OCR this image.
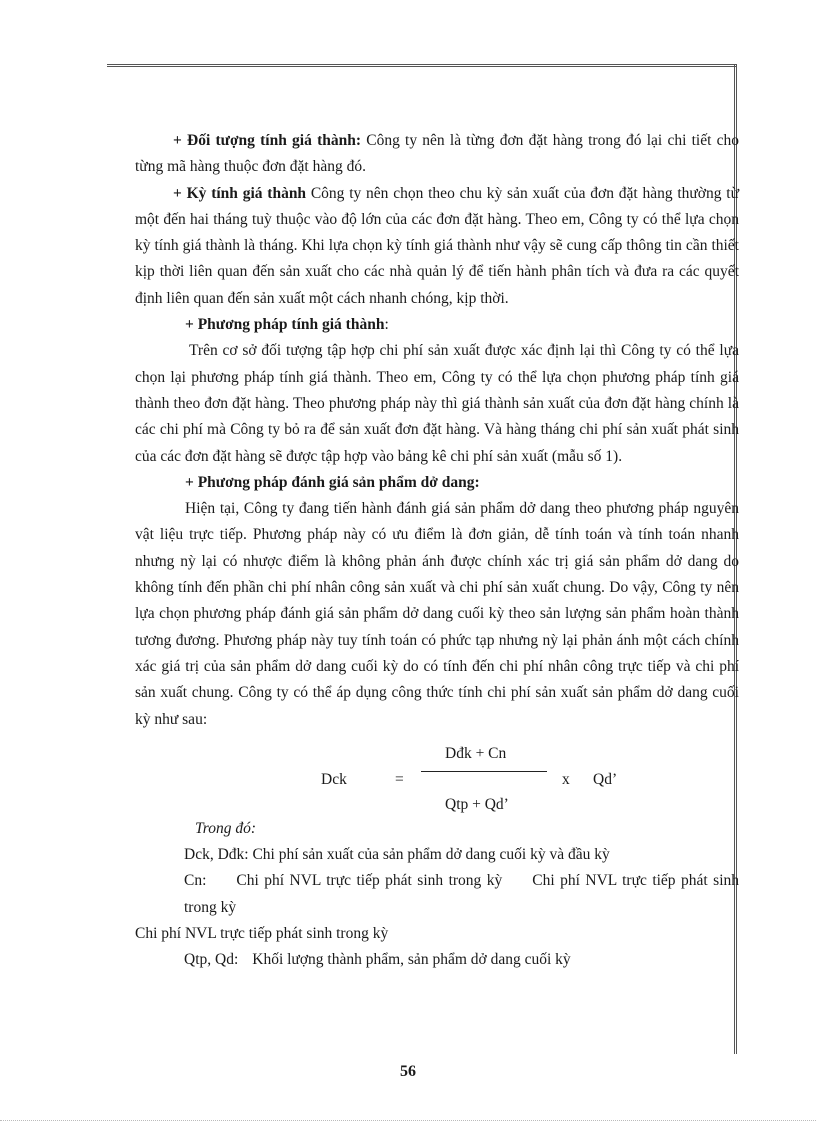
+ Đối tượng tính giá thành: Công ty nên là từng đơn đặt hàng trong đó lại chi tiết cho từng mã hàng thuộc đơn đặt hàng đó.

+ Kỳ tính giá thành Công ty nên chọn theo chu kỳ sản xuất của đơn đặt hàng thường từ một đến hai tháng tuỳ thuộc vào độ lớn của các đơn đặt hàng. Theo em, Công ty có thể lựa chọn kỳ tính giá thành là tháng. Khi lựa chọn kỳ tính giá thành như vậy sẽ cung cấp thông tin cần thiết kịp thời liên quan đến sản xuất cho các nhà quản lý để tiến hành phân tích và đưa ra các quyết định liên quan đến sản xuất một cách nhanh chóng, kịp thời.

+ Phương pháp tính giá thành:

Trên cơ sở đối tượng tập hợp chi phí sản xuất được xác định lại thì Công ty có thể lựa chọn lại phương pháp tính giá thành. Theo em, Công ty có thể lựa chọn phương pháp tính giá thành theo đơn đặt hàng. Theo phương pháp này thì giá thành sản xuất của đơn đặt hàng chính là các chi phí mà Công ty bỏ ra để sản xuất đơn đặt hàng. Và hàng tháng chi phí sản xuất phát sinh của các đơn đặt hàng sẽ được tập hợp vào bảng kê chi phí sản xuất (mẫu số 1).

+ Phương pháp đánh giá sản phẩm dở dang:

Hiện tại, Công ty đang tiến hành đánh giá sản phẩm dở dang theo phương pháp nguyên vật liệu trực tiếp. Phương pháp này có ưu điểm là đơn giản, dễ tính toán và tính toán nhanh nhưng nỳ lại có nhược điểm là không phản ánh được chính xác trị giá sản phẩm dở dang do không tính đến phần chi phí nhân công sản xuất và chi phí sản xuất chung. Do vậy, Công ty nên lựa chọn phương pháp đánh giá sản phẩm dở dang cuối kỳ theo sản lượng sản phẩm hoàn thành tương đương. Phương pháp này tuy tính toán có phức tạp nhưng nỳ lại phản ánh một cách chính xác giá trị của sản phẩm dở dang cuối kỳ do có tính đến chi phí nhân công trực tiếp và chi phí sản xuất chung. Công ty có thể áp dụng công thức tính chi phí sản xuất sản phẩm dở dang cuối kỳ như sau:

Dck	=
Dđk + Cn
Qtp + Qd’
x Qd’

Trong đó:

Dck, Dđk: Chi phí sản xuất của sản phẩm dở dang cuối kỳ và đầu kỳ

Cn: Chi phí NVL trực tiếp phát sinh trong kỳ Chi phí NVL trực tiếp phát sinh trong kỳ

Chi phí NVL trực tiếp phát sinh trong kỳ

Qtp, Qd: Khối lượng thành phẩm, sản phẩm dở dang cuối kỳ

56
